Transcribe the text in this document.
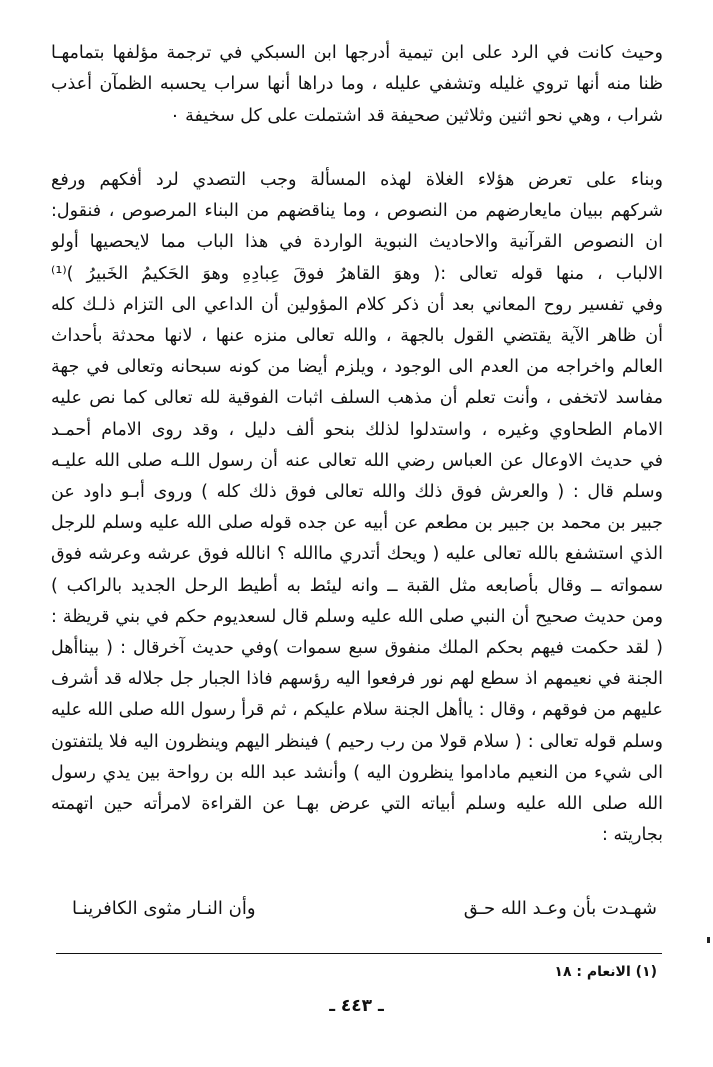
وحيث كانت في الرد على ابن تيمية أدرجها ابن السبكي في ترجمة مؤلفها بتمامهـا
ظنا منه أنها تروي غليله وتشفي عليله ، وما دراها أنها سراب يحسبه الظمآن أعذب
شراب ، وهي نحو اثنين وثلاثين صحيفة قد اشتملت على كل سخيفة ٠
وبناء على تعرض هؤلاء الغلاة لهذه المسألة وجب التصدي لرد أفكهم ورفع
شركهم ببيان مايعارضهم من النصوص ، وما يناقضهم من البناء المرصوص ، فنقول:
ان النصوص القرآنية والاحاديث النبوية الواردة في هذا الباب مما لايحصيها أولو
الالباب ، منها قوله تعالى :( وهوَ القاهرُ فوقَ عِبادِهِ وهوَ الحَكيمُ الخَبيرُ )⁽¹⁾
وفي تفسير روح المعاني بعد أن ذكر كلام المؤولين أن الداعي الى التزام ذلـك كله
أن ظاهر الآية يقتضي القول بالجهة ، والله تعالى منزه عنها ، لانها محدثة بأحداث
العالم واخراجه من العدم الى الوجود ، ويلزم أيضا من كونه سبحانه وتعالى في جهة
مفاسد لاتخفى ، وأنت تعلم أن مذهب السلف اثبات الفوقية لله تعالى كما نص عليه
الامام الطحاوي وغيره ، واستدلوا لذلك بنحو ألف دليل ، وقد روى الامام أحمـد
في حديث الاوعال عن العباس رضي الله تعالى عنه أن رسول اللـه صلى الله عليـه
وسلم قال : ( والعرش فوق ذلك والله تعالى فوق ذلك كله ) وروى أبـو داود عن
جبير بن محمد بن جبير بن مطعم عن أبيه عن جده قوله صلى الله عليه وسلم للرجل
الذي استشفع بالله تعالى عليه ( ويحك أتدري ماالله ؟ انالله فوق عرشه وعرشه فوق
سمواته ــ وقال بأصابعه مثل القبة ــ وانه ليئط به أطيط الرحل الجديد بالراكب )
ومن حديث صحيح أن النبي صلى الله عليه وسلم قال لسعديوم حكم في بني قريظة :
( لقد حكمت فيهم بحكم الملك منفوق سبع سموات )وفي حديث آخرقال : ( بيناأهل
الجنة في نعيمهم اذ سطع لهم نور فرفعوا اليه رؤسهم فاذا الجبار جل جلاله قد أشرف
عليهم من فوقهم ، وقال : ياأهل الجنة سلام عليكم ، ثم قرأ رسول الله صلى الله عليه
وسلم قوله تعالى : ( سلام قولا من رب رحيم ) فينظر اليهم وينظرون اليه فلا يلتفتون
الى شيء من النعيم ماداموا ينظرون اليه ) وأنشد عبد الله بن رواحة بين يدي رسول
الله صلى الله عليه وسلم أبياته التي عرض بهـا عن القراءة لامرأته حين اتهمته
بجاريته :
شهـدت بأن وعـد الله حـق
وأن النـار مثوى الكافرينـا
(١) الانعام : ١٨
ـ ٤٤٣ ـ
